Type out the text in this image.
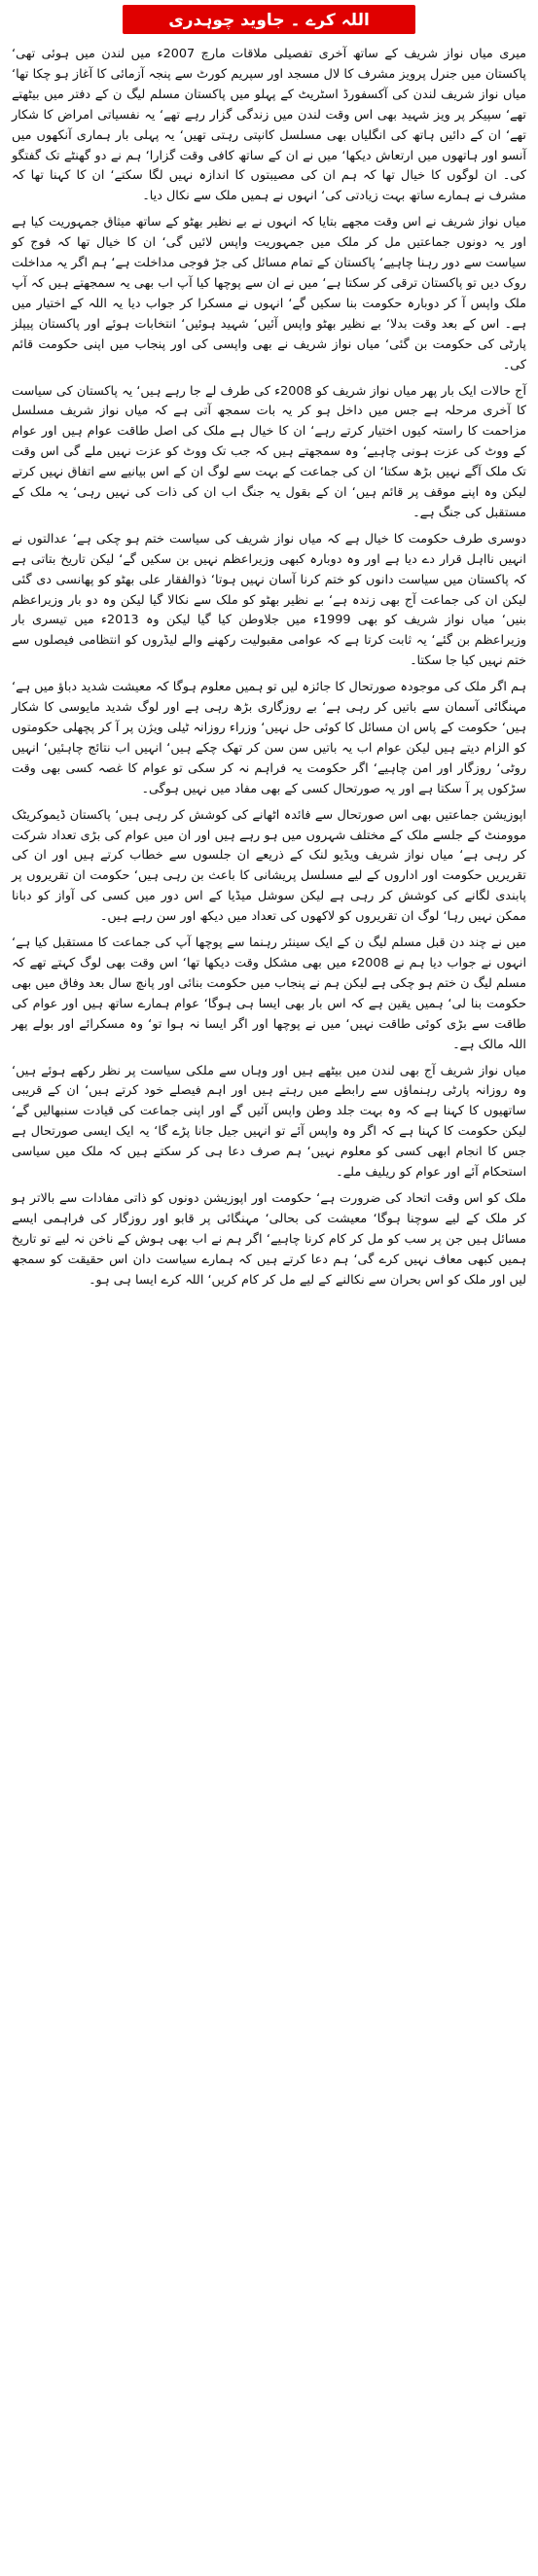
اللہ کرے ۔ جاوید چوہدری

میری میاں نواز شریف کے ساتھ آخری تفصیلی ملاقات مارچ 2007ء میں لندن میں ہوئی تھی‘ پاکستان میں جنرل پرویز مشرف کا لال مسجد اور سپریم کورٹ سے پنجہ آزمائی کا آغاز ہو چکا تھا‘ میاں نواز شریف لندن کی آکسفورڈ اسٹریٹ کے پہلو میں پاکستان مسلم لیگ ن کے دفتر میں بیٹھتے تھے‘ سپیکر پر ویز شہید بھی اس وقت لندن میں زندگی گزار رہے تھے‘ یہ نفسیاتی امراض کا شکار تھے‘ ان کے دائیں ہاتھ کی انگلیاں بھی مسلسل کانپتی رہتی تھیں‘ یہ پہلی بار ہماری آنکھوں میں آنسو اور ہاتھوں میں ارتعاش دیکھا‘ میں نے ان کے ساتھ کافی وقت گزارا‘ ہم نے دو گھنٹے تک گفتگو کی۔ ان لوگوں کا خیال تھا کہ ہم ان کی مصیبتوں کا اندازہ نہیں لگا سکتے‘ ان کا کہنا تھا کہ مشرف نے ہمارے ساتھ بہت زیادتی کی‘ انہوں نے ہمیں ملک سے نکال دیا۔

میاں نواز شریف نے اس وقت مجھے بتایا کہ انہوں نے بے نظیر بھٹو کے ساتھ میثاق جمہوریت کیا ہے اور یہ دونوں جماعتیں مل کر ملک میں جمہوریت واپس لائیں گی‘ ان کا خیال تھا کہ فوج کو سیاست سے دور رہنا چاہیے‘ پاکستان کے تمام مسائل کی جڑ فوجی مداخلت ہے‘ ہم اگر یہ مداخلت روک دیں تو پاکستان ترقی کر سکتا ہے‘ میں نے ان سے پوچھا کیا آپ اب بھی یہ سمجھتے ہیں کہ آپ ملک واپس آ کر دوبارہ حکومت بنا سکیں گے‘ انہوں نے مسکرا کر جواب دیا یہ اللہ کے اختیار میں ہے۔ اس کے بعد وقت بدلا‘ بے نظیر بھٹو واپس آئیں‘ شہید ہوئیں‘ انتخابات ہوئے اور پاکستان پیپلز پارٹی کی حکومت بن گئی‘ میاں نواز شریف نے بھی واپسی کی اور پنجاب میں اپنی حکومت قائم کی۔

آج حالات ایک بار پھر میاں نواز شریف کو 2008ء کی طرف لے جا رہے ہیں‘ یہ پاکستان کی سیاست کا آخری مرحلہ ہے جس میں داخل ہو کر یہ بات سمجھ آتی ہے کہ میاں نواز شریف مسلسل مزاحمت کا راستہ کیوں اختیار کرتے رہے‘ ان کا خیال ہے ملک کی اصل طاقت عوام ہیں اور عوام کے ووٹ کی عزت ہونی چاہیے‘ وہ سمجھتے ہیں کہ جب تک ووٹ کو عزت نہیں ملے گی اس وقت تک ملک آگے نہیں بڑھ سکتا‘ ان کی جماعت کے بہت سے لوگ ان کے اس بیانیے سے اتفاق نہیں کرتے لیکن وہ اپنے موقف پر قائم ہیں‘ ان کے بقول یہ جنگ اب ان کی ذات کی نہیں رہی‘ یہ ملک کے مستقبل کی جنگ ہے۔

دوسری طرف حکومت کا خیال ہے کہ میاں نواز شریف کی سیاست ختم ہو چکی ہے‘ عدالتوں نے انہیں نااہل قرار دے دیا ہے اور وہ دوبارہ کبھی وزیراعظم نہیں بن سکیں گے‘ لیکن تاریخ بتاتی ہے کہ پاکستان میں سیاست دانوں کو ختم کرنا آسان نہیں ہوتا‘ ذوالفقار علی بھٹو کو پھانسی دی گئی لیکن ان کی جماعت آج بھی زندہ ہے‘ بے نظیر بھٹو کو ملک سے نکالا گیا لیکن وہ دو بار وزیراعظم بنیں‘ میاں نواز شریف کو بھی 1999ء میں جلاوطن کیا گیا لیکن وہ 2013ء میں تیسری بار وزیراعظم بن گئے‘ یہ ثابت کرتا ہے کہ عوامی مقبولیت رکھنے والے لیڈروں کو انتظامی فیصلوں سے ختم نہیں کیا جا سکتا۔

ہم اگر ملک کی موجودہ صورتحال کا جائزہ لیں تو ہمیں معلوم ہوگا کہ معیشت شدید دباؤ میں ہے‘ مہنگائی آسمان سے باتیں کر رہی ہے‘ بے روزگاری بڑھ رہی ہے اور لوگ شدید مایوسی کا شکار ہیں‘ حکومت کے پاس ان مسائل کا کوئی حل نہیں‘ وزراء روزانہ ٹیلی ویژن پر آ کر پچھلی حکومتوں کو الزام دیتے ہیں لیکن عوام اب یہ باتیں سن سن کر تھک چکے ہیں‘ انہیں اب نتائج چاہئیں‘ انہیں روٹی‘ روزگار اور امن چاہیے‘ اگر حکومت یہ فراہم نہ کر سکی تو عوام کا غصہ کسی بھی وقت سڑکوں پر آ سکتا ہے اور یہ صورتحال کسی کے بھی مفاد میں نہیں ہوگی۔

اپوزیشن جماعتیں بھی اس صورتحال سے فائدہ اٹھانے کی کوشش کر رہی ہیں‘ پاکستان ڈیموکریٹک موومنٹ کے جلسے ملک کے مختلف شہروں میں ہو رہے ہیں اور ان میں عوام کی بڑی تعداد شرکت کر رہی ہے‘ میاں نواز شریف ویڈیو لنک کے ذریعے ان جلسوں سے خطاب کرتے ہیں اور ان کی تقریریں حکومت اور اداروں کے لیے مسلسل پریشانی کا باعث بن رہی ہیں‘ حکومت ان تقریروں پر پابندی لگانے کی کوشش کر رہی ہے لیکن سوشل میڈیا کے اس دور میں کسی کی آواز کو دبانا ممکن نہیں رہا‘ لوگ ان تقریروں کو لاکھوں کی تعداد میں دیکھ اور سن رہے ہیں۔

میں نے چند دن قبل مسلم لیگ ن کے ایک سینئر رہنما سے پوچھا آپ کی جماعت کا مستقبل کیا ہے‘ انہوں نے جواب دیا ہم نے 2008ء میں بھی مشکل وقت دیکھا تھا‘ اس وقت بھی لوگ کہتے تھے کہ مسلم لیگ ن ختم ہو چکی ہے لیکن ہم نے پنجاب میں حکومت بنائی اور پانچ سال بعد وفاق میں بھی حکومت بنا لی‘ ہمیں یقین ہے کہ اس بار بھی ایسا ہی ہوگا‘ عوام ہمارے ساتھ ہیں اور عوام کی طاقت سے بڑی کوئی طاقت نہیں‘ میں نے پوچھا اور اگر ایسا نہ ہوا تو‘ وہ مسکرائے اور بولے پھر اللہ مالک ہے۔

میاں نواز شریف آج بھی لندن میں بیٹھے ہیں اور وہاں سے ملکی سیاست پر نظر رکھے ہوئے ہیں‘ وہ روزانہ پارٹی رہنماؤں سے رابطے میں رہتے ہیں اور اہم فیصلے خود کرتے ہیں‘ ان کے قریبی ساتھیوں کا کہنا ہے کہ وہ بہت جلد وطن واپس آئیں گے اور اپنی جماعت کی قیادت سنبھالیں گے‘ لیکن حکومت کا کہنا ہے کہ اگر وہ واپس آئے تو انہیں جیل جانا پڑے گا‘ یہ ایک ایسی صورتحال ہے جس کا انجام ابھی کسی کو معلوم نہیں‘ ہم صرف دعا ہی کر سکتے ہیں کہ ملک میں سیاسی استحکام آئے اور عوام کو ریلیف ملے۔

ملک کو اس وقت اتحاد کی ضرورت ہے‘ حکومت اور اپوزیشن دونوں کو ذاتی مفادات سے بالاتر ہو کر ملک کے لیے سوچنا ہوگا‘ معیشت کی بحالی‘ مہنگائی پر قابو اور روزگار کی فراہمی ایسے مسائل ہیں جن پر سب کو مل کر کام کرنا چاہیے‘ اگر ہم نے اب بھی ہوش کے ناخن نہ لیے تو تاریخ ہمیں کبھی معاف نہیں کرے گی‘ ہم دعا کرتے ہیں کہ ہمارے سیاست دان اس حقیقت کو سمجھ لیں اور ملک کو اس بحران سے نکالنے کے لیے مل کر کام کریں‘ اللہ کرے ایسا ہی ہو۔
